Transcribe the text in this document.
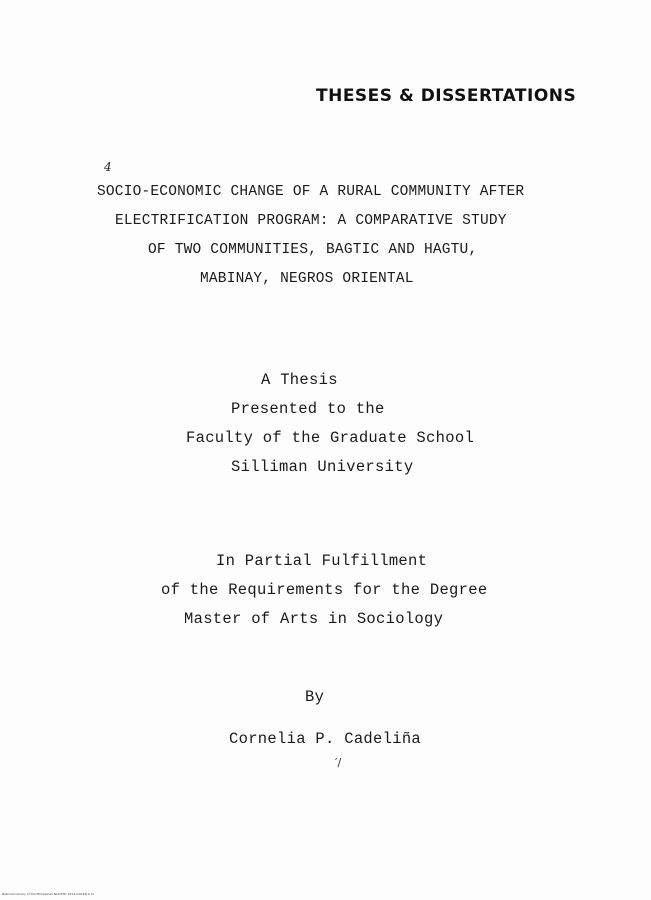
THESES & DISSERTATIONS
4
SOCIO-ECONOMIC CHANGE OF A RURAL COMMUNITY AFTER
ELECTRIFICATION PROGRAM: A COMPARATIVE STUDY
OF TWO COMMUNITIES, BAGTIC AND HAGTU,
MABINAY, NEGROS ORIENTAL
A Thesis
Presented to the
Faculty of the Graduate School
Silliman University
In Partial Fulfillment
of the Requirements for the Degree
Master of Arts in Sociology
By
Cornelia P. Cadeliña
′/
National Library of the Philippines NLP-RTD 1014-CA049(1) III
